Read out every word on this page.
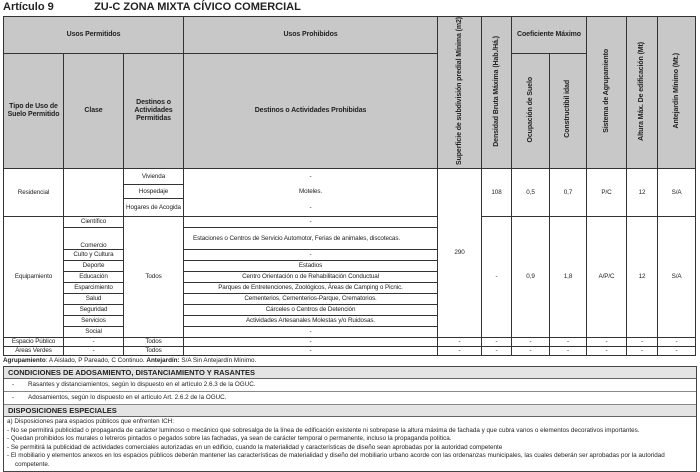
Artículo 9	ZU-C ZONA MIXTA CÍVICO COMERCIAL
Usos Permitidos			Usos Prohibidos	Superficie de subdivisión predial Mínima (m2)	Densidad Bruta Máxima (Hab./Há.)	Coeficiente Máximo		Sistema de Agrupamiento	Altura Máx. De edificación (Mt)	Antejardín Mínimo (Mt.)
Tipo de Uso de Suelo Permitido	Clase	Destinos o Actividades Permitidas	Destinos o Actividades Prohibidas			Ocupación de Suelo	Constructibil idad			
Residencial		Vivienda	-	290	108	0,5	0,7	P/C	12	S/A
		Hospedaje	Moteles.							
		Hogares de Acogida	-							
Equipamiento	Científico	Todos	-		-	0,9	1,8	A/P/C	12	S/A
	Comercio		Estaciones o Centros de Servicio Automotor, Ferias de animales, discotecas.							
	Culto y Cultura		-							
	Deporte		Estadios							
	Educación		Centro Orientación o de Rehabilitación Conductual							
	Esparcimiento		Parques de Entretenciones, Zoológicos, Áreas de Camping o Picnic.							
	Salud		Cementerios, Cementerios-Parque, Crematorios.							
	Seguridad		Cárceles o Centros de Detención							
	Servicios		Actividades Artesanales Molestas y/o Ruidosas.							
	Social		-							
Espacio Público	-	Todos	-	-	-	-	-	-	-	-
Áreas Verdes	-	Todos	-	-	-	-	-	-	-	-
Agrupamiento: A Aislado, P Pareado, C Continuo. Antejardín: S/A Sin Antejardín Mínimo.
CONDICIONES DE ADOSAMIENTO, DISTANCIAMIENTO Y RASANTES
- Rasantes y distanciamientos, según lo dispuesto en el artículo 2.6.3 de la OGUC.
- Adosamientos, según lo dispuesto en el artículo Art. 2.6.2 de la OGUC.
DISPOSICIONES ESPECIALES
a) Disposiciones para espacios públicos que enfrenten ICH:
- No se permitirá publicidad o propaganda de carácter luminoso o mecánico que sobresalga de la línea de edificación existente ni sobrepase la altura máxima de fachada y que cubra vanos o elementos decorativos importantes.
- Quedan prohibidos los murales o letreros pintados o pegados sobre las fachadas, ya sean de carácter temporal o permanente, incluso la propaganda política.
- Se permitirá la publicidad de actividades comerciales autorizadas en un edificio, cuando la materialidad y características de diseño sean aprobadas por la autoridad competente
- El mobiliario y elementos anexos en los espacios públicos deberán mantener las características de materialidad y diseño del mobiliario urbano acorde con las ordenanzas municipales, las cuales deberán ser aprobadas por la autoridad competente.
